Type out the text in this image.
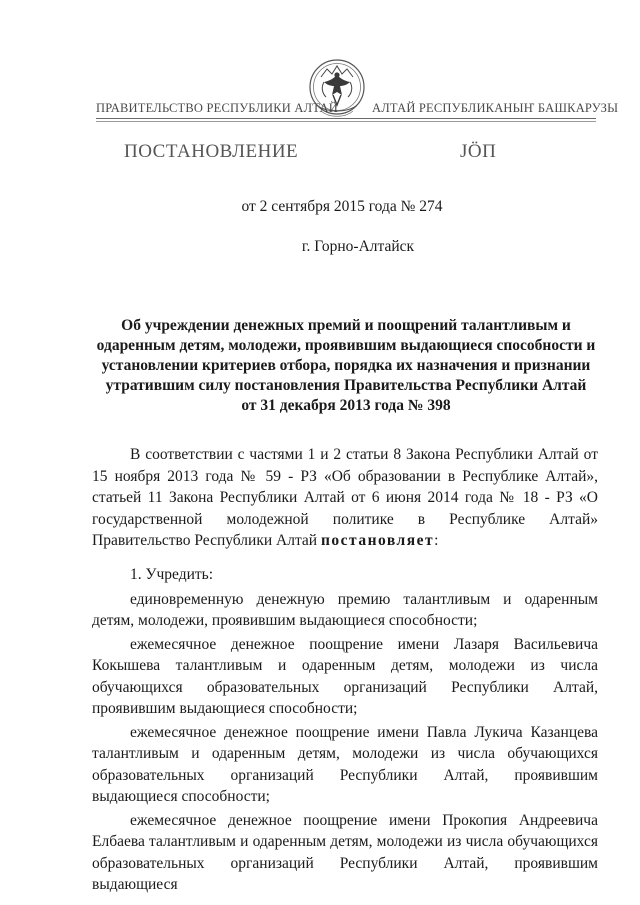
ПРАВИТЕЛЬСТВО РЕСПУБЛИКИ АЛТАЙ	АЛТАЙ РЕСПУБЛИКАНЫҤ БАШКАРУЗЫ
ПОСТАНОВЛЕНИЕ	ЈӦП
от 2 сентября 2015 года № 274
г. Горно-Алтайск
Об учреждении денежных премий и поощрений талантливым и
одаренным детям, молодежи, проявившим выдающиеся способности и
установлении критериев отбора, порядка их назначения и признании
утратившим силу постановления Правительства Республики Алтай
от 31 декабря 2013 года № 398
В соответствии с частями 1 и 2 статьи 8 Закона Республики Алтай от 15 ноября 2013 года № 59 - РЗ «Об образовании в Республике Алтай», статьей 11 Закона Республики Алтай от 6 июня 2014 года № 18 - РЗ «О государственной молодежной политике в Республике Алтай» Правительство Республики Алтай постановляет:

1. Учредить:

единовременную денежную премию талантливым и одаренным детям, молодежи, проявившим выдающиеся способности;

ежемесячное денежное поощрение имени Лазаря Васильевича Кокышева талантливым и одаренным детям, молодежи из числа обучающихся образовательных организаций Республики Алтай, проявившим выдающиеся способности;

ежемесячное денежное поощрение имени Павла Лукича Казанцева талантливым и одаренным детям, молодежи из числа обучающихся образовательных организаций Республики Алтай, проявившим выдающиеся способности;

ежемесячное денежное поощрение имени Прокопия Андреевича Елбаева талантливым и одаренным детям, молодежи из числа обучающихся образовательных организаций Республики Алтай, проявившим выдающиеся
